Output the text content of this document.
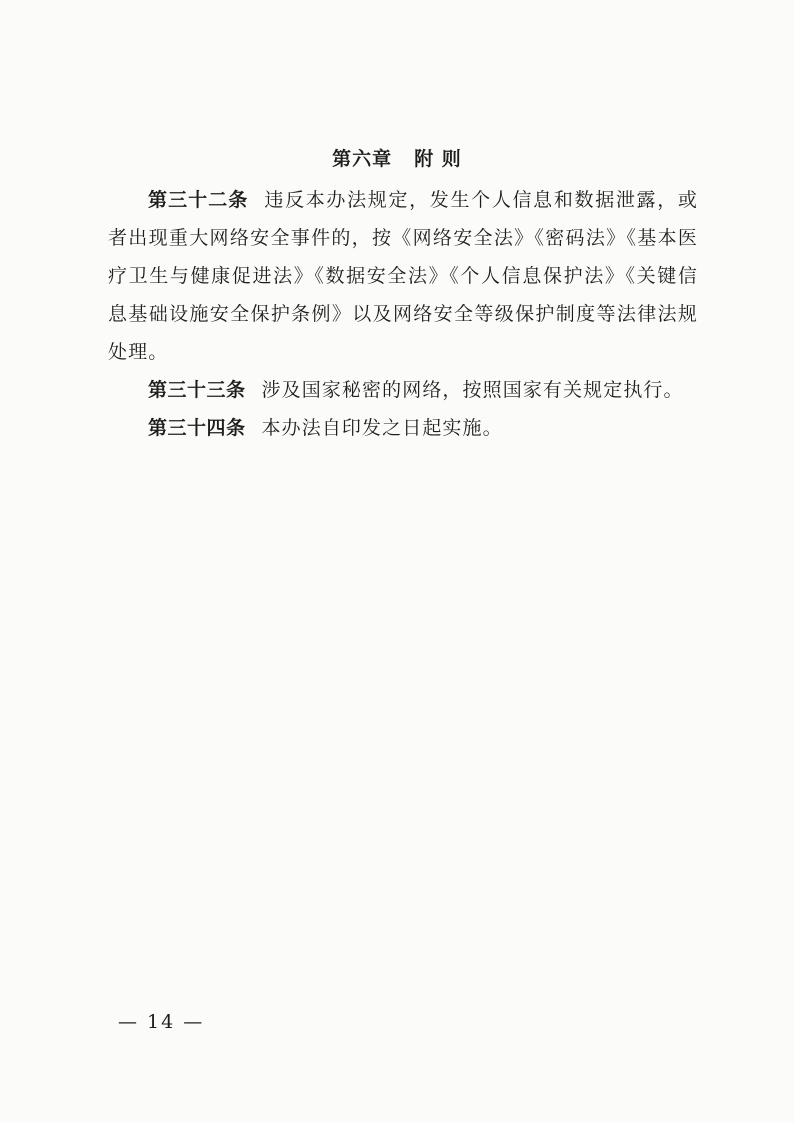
第六章 附 则

第三十二条 违反本办法规定，发生个人信息和数据泄露，或者出现重大网络安全事件的，按《网络安全法》《密码法》《基本医疗卫生与健康促进法》《数据安全法》《个人信息保护法》《关键信息基础设施安全保护条例》以及网络安全等级保护制度等法律法规处理。

第三十三条 涉及国家秘密的网络，按照国家有关规定执行。

第三十四条 本办法自印发之日起实施。

— 14 —
